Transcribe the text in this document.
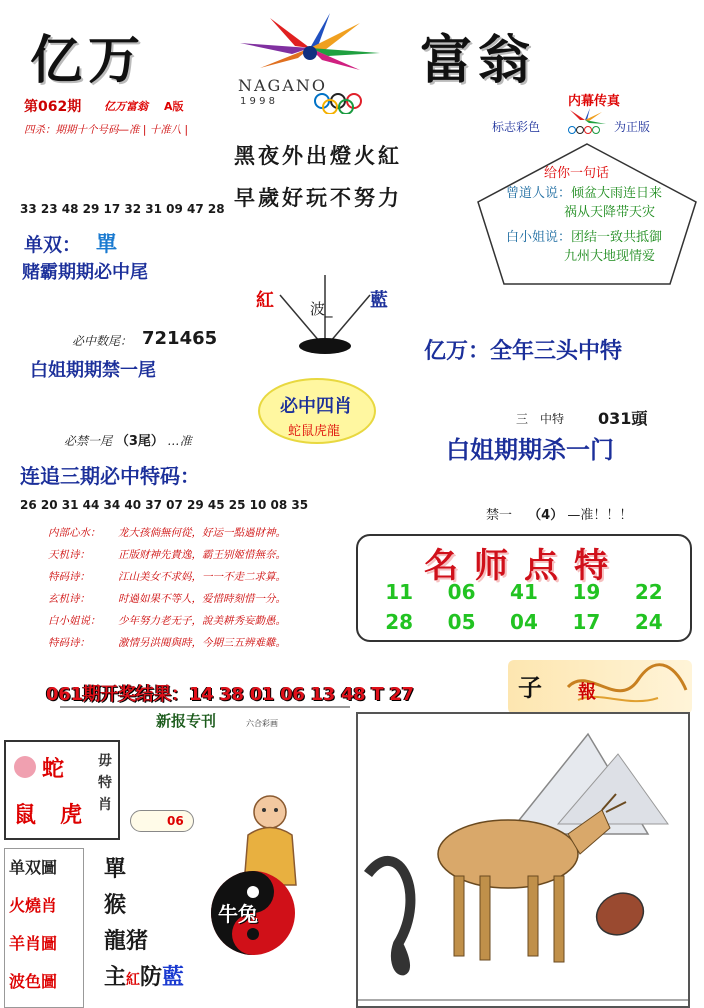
亿万	富翁
NAGANO
1 9 9 8
第062期 亿万富翁 A版
四杀：期期十个号码—准 | 十准八 |
内幕传真
标志彩色	为正版
黑夜外出燈火紅
早歲好玩不努力
给你一句话
曾道人说：倾盆大雨连日来
祸从天降带天灾
白小姐说：团结一致共抵御
九州大地现情爱
33 23 48 29 17 32 31 09 47 28
单双： 單
赌霸期期必中尾
紅 波_ 藍
必中数尾： 721465
白姐期期禁一尾
亿万：全年三头中特
必中四肖
蛇鼠虎龍
三　中特 031頭
白姐期期杀一门
必禁一尾 （3尾） …准
连追三期必中特码：
26 20 31 44 34 40 37 07 29 45 25 10 08 35
禁一 （4） —准！！！
内部心水：	龙大孩倘無何從，好运一點過財神。
天机诗：	正版财神先貴逸，霸王别姬惜無奈。
特码诗：	江山美女不求妈，一一不走二求算。
玄机诗：	时過如果不等人，爱惜時刻惜一分。
白小姐说：	少年努力老无子，說美耕秀妄勤愚。
特码诗：	激情另洪閱與時，今期三五辨难難。
名师点特
11	06	41	19	22
28	05	04	17	24
061期开奖结果：14 38 01 06 13 48 T 27	子 報
新报专刊	六合彩画
蛇
鼠 虎
毋特肖
06
单双圖
火燒肖
羊肖圖
波色圖
單
猴
龍猪
主紅防藍
牛兔
